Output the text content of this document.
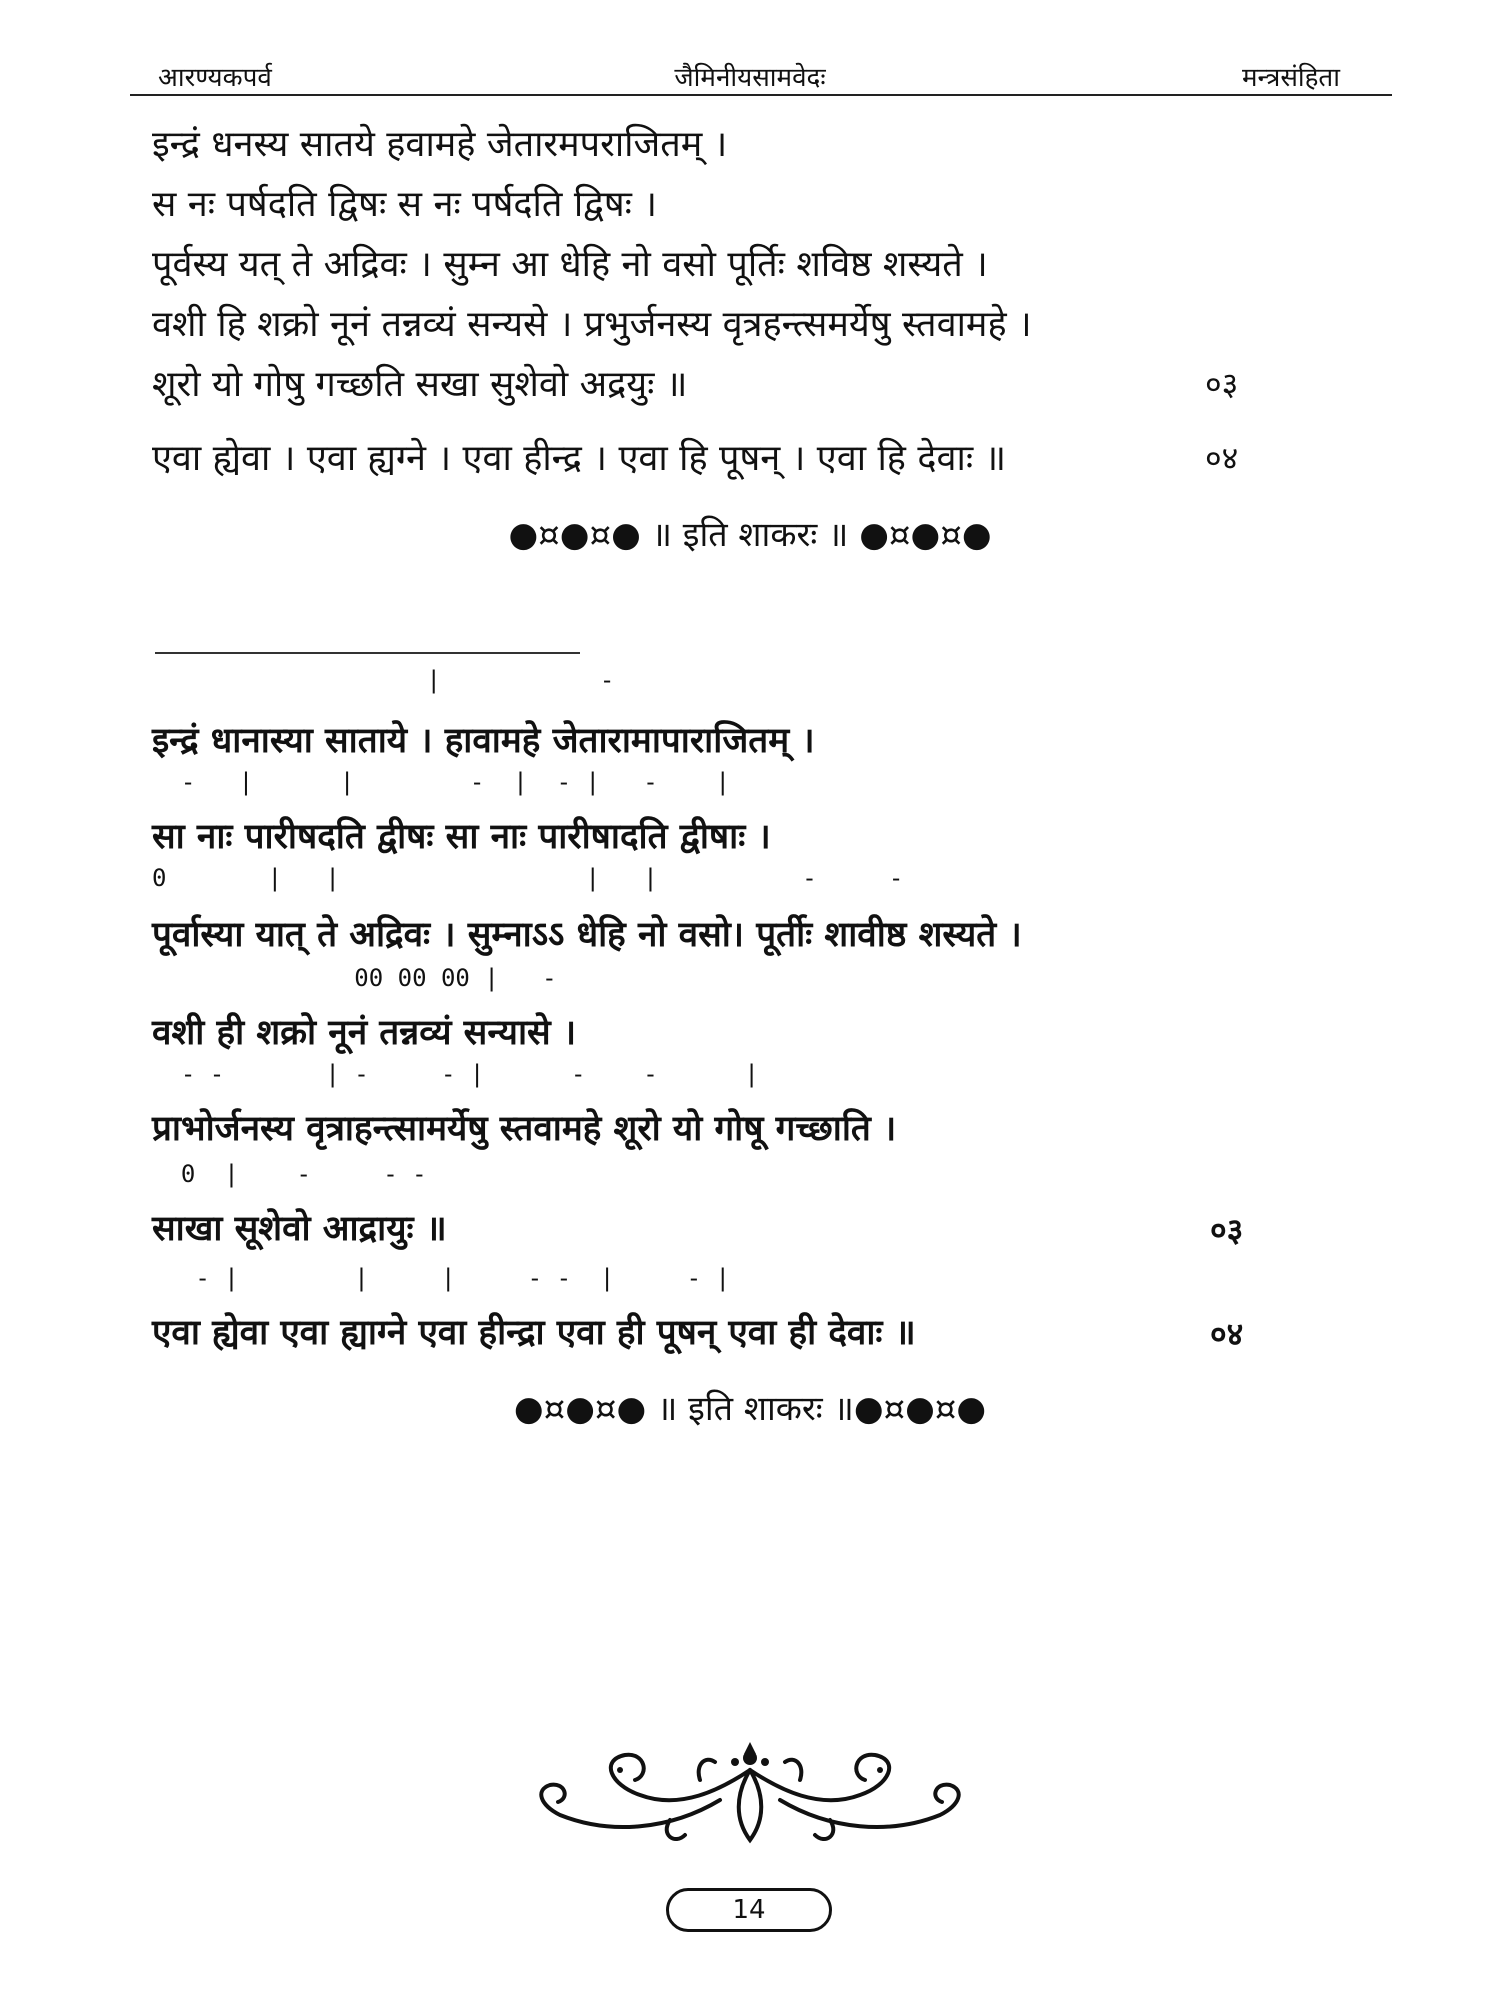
आरण्यकपर्व	जैमिनीयसामवेदः	मन्त्रसंहिता
इन्द्रं धनस्य सातये हवामहे जेतारमपराजितम् ।
स नः पर्षदति द्विषः स नः पर्षदति द्विषः ।
पूर्वस्य यत् ते अद्रिवः । सुम्न आ धेहि नो वसो पूर्तिः शविष्ठ शस्यते ।
वशी हि शक्रो नूनं तन्नव्यं सन्यसे । प्रभुर्जनस्य वृत्रहन्त्समर्येषु स्तवामहे ।
शूरो यो गोषु गच्छति सखा सुशेवो अद्रयुः ॥	०३
एवा ह्येवा । एवा ह्यग्ने । एवा हीन्द्र । एवा हि पूषन् । एवा हि देवाः ॥	०४
●¤●¤● ॥ इति शाकरः ॥ ●¤●¤●
|           -
इन्द्रं धानास्या साताये । हावामहे जेतारामापाराजितम् ।
-   |      |        -  |  - |   -    |
सा नाः पारीषदति द्वीषः सा नाः पारीषादति द्वीषाः ।
0       |   |                 |   |          -     -
पूर्वास्या यात् ते अद्रिवः । सुम्नाऽऽ धेहि नो वसो। पूर्तीः शावीष्ठ शस्यते ।
00 00 00 |   -
वशी ही शक्रो नूनं तन्नव्यं सन्यासे ।
- -       | -     - |      -    -      |
प्राभोर्जनस्य वृत्राहन्त्सामर्येषु स्तवामहे शूरो यो गोषू गच्छाति ।
0  |    -     - -
साखा सूशेवो आद्रायुः ॥	०३
- |        |     |     - -  |     - |
एवा ह्येवा एवा ह्याग्ने एवा हीन्द्रा एवा ही पूषन् एवा ही देवाः ॥	०४
●¤●¤● ॥ इति शाकरः ॥●¤●¤●
14
